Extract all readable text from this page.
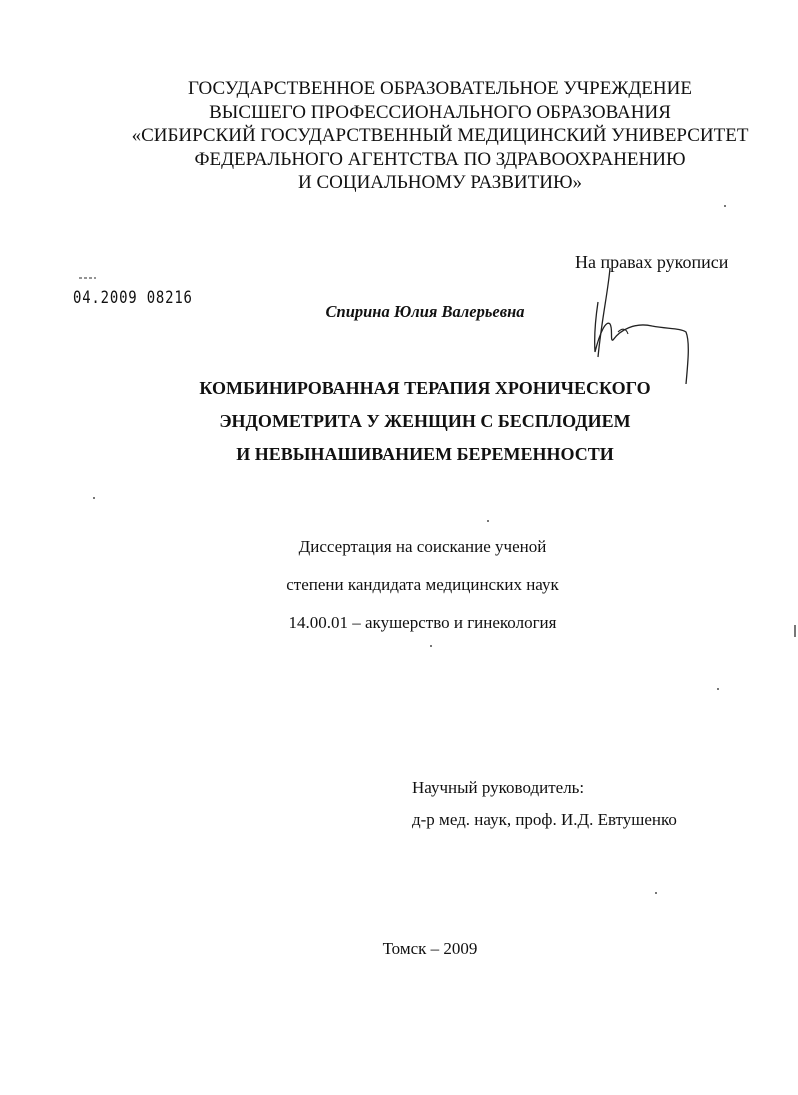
ГОСУДАРСТВЕННОЕ ОБРАЗОВАТЕЛЬНОЕ УЧРЕЖДЕНИЕ
ВЫСШЕГО ПРОФЕССИОНАЛЬНОГО ОБРАЗОВАНИЯ
«СИБИРСКИЙ ГОСУДАРСТВЕННЫЙ МЕДИЦИНСКИЙ УНИВЕРСИТЕТ
ФЕДЕРАЛЬНОГО АГЕНТСТВА ПО ЗДРАВООХРАНЕНИЮ
И СОЦИАЛЬНОМУ РАЗВИТИЮ»
На правах рукописи
04.2009 08216
Спирина Юлия Валерьевна
КОМБИНИРОВАННАЯ ТЕРАПИЯ ХРОНИЧЕСКОГО
ЭНДОМЕТРИТА У ЖЕНЩИН С БЕСПЛОДИЕМ
И НЕВЫНАШИВАНИЕМ БЕРЕМЕННОСТИ
Диссертация на соискание ученой
степени кандидата медицинских наук
14.00.01 – акушерство и гинекология
Научный руководитель:
д-р мед. наук, проф. И.Д. Евтушенко
Томск – 2009
